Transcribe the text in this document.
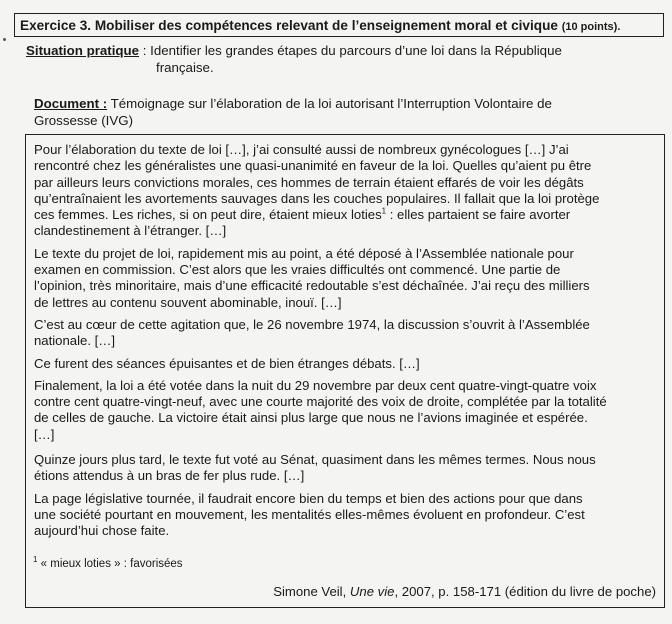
Exercice 3. Mobiliser des compétences relevant de l’enseignement moral et civique (10 points).
Situation pratique : Identifier les grandes étapes du parcours d’une loi dans la République
française.
Document : Témoignage sur l’élaboration de la loi autorisant l’Interruption Volontaire de
Grossesse (IVG)
Pour l’élaboration du texte de loi […], j’ai consulté aussi de nombreux gynécologues […] J’ai
rencontré chez les généralistes une quasi-unanimité en faveur de la loi. Quelles qu’aient pu être
par ailleurs leurs convictions morales, ces hommes de terrain étaient effarés de voir les dégâts
qu’entraînaient les avortements sauvages dans les couches populaires. Il fallait que la loi protège
ces femmes. Les riches, si on peut dire, étaient mieux loties$^1$ : elles partaient se faire avorter
clandestinement à l’étranger. […]
Le texte du projet de loi, rapidement mis au point, a été déposé à l’Assemblée nationale pour
examen en commission. C’est alors que les vraies difficultés ont commencé. Une partie de
l’opinion, très minoritaire, mais d’une efficacité redoutable s’est déchaînée. J’ai reçu des milliers
de lettres au contenu souvent abominable, inouï. […]
C’est au cœur de cette agitation que, le 26 novembre 1974, la discussion s’ouvrit à l’Assemblée
nationale. […]
Ce furent des séances épuisantes et de bien étranges débats. […]
Finalement, la loi a été votée dans la nuit du 29 novembre par deux cent quatre-vingt-quatre voix
contre cent quatre-vingt-neuf, avec une courte majorité des voix de droite, complétée par la totalité
de celles de gauche. La victoire était ainsi plus large que nous ne l’avions imaginée et espérée.
[…]
Quinze jours plus tard, le texte fut voté au Sénat, quasiment dans les mêmes termes. Nous nous
étions attendus à un bras de fer plus rude. […]
La page législative tournée, il faudrait encore bien du temps et bien des actions pour que dans
une société pourtant en mouvement, les mentalités elles-mêmes évoluent en profondeur. C’est
aujourd’hui chose faite.
$^1$ « mieux loties » : favorisées
Simone Veil, Une vie, 2007, p. 158-171 (édition du livre de poche)
